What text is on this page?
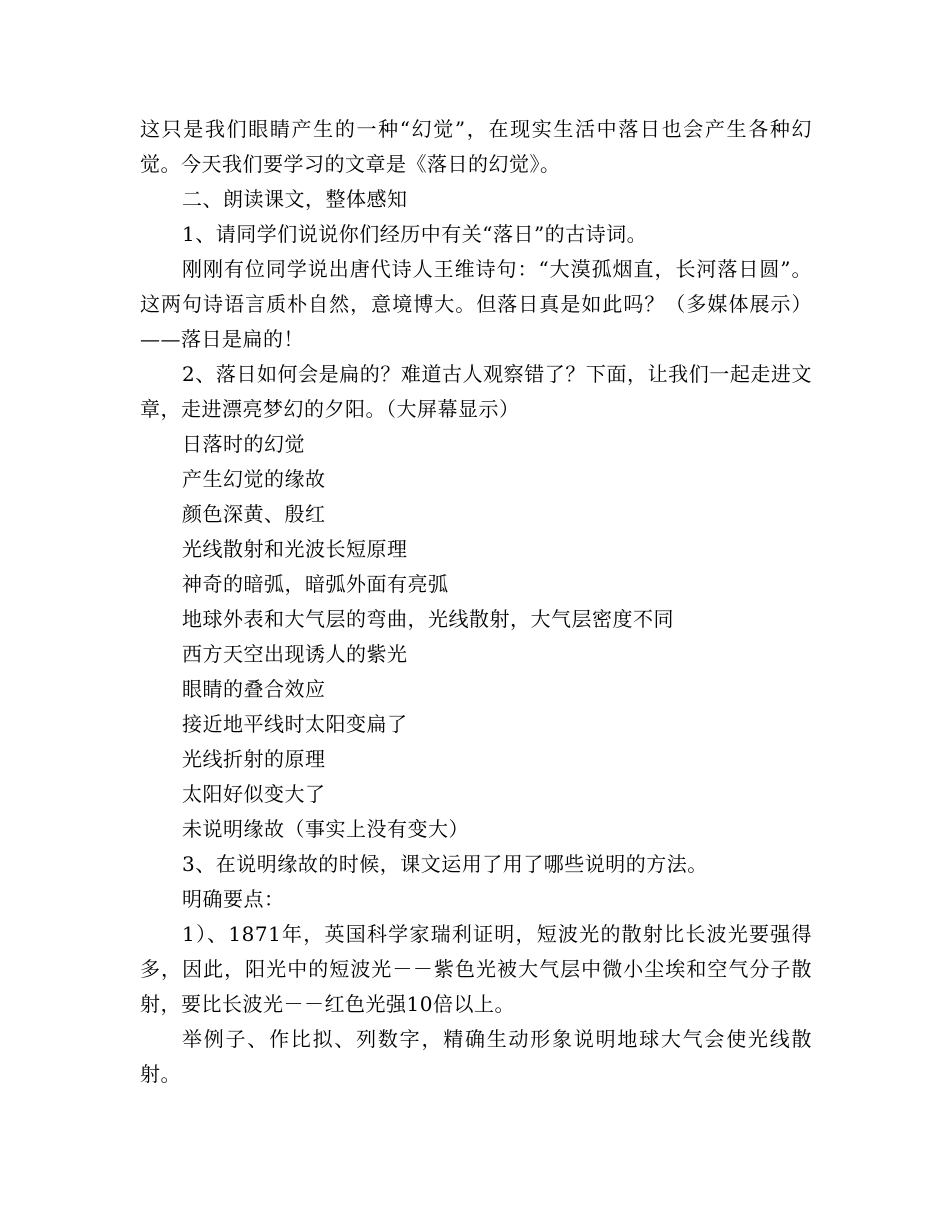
这只是我们眼睛产生的一种“幻觉”，在现实生活中落日也会产生各种幻觉。今天我们要学习的文章是《落日的幻觉》。

二、朗读课文，整体感知

1、请同学们说说你们经历中有关“落日”的古诗词。

刚刚有位同学说出唐代诗人王维诗句：“大漠孤烟直，长河落日圆”。这两句诗语言质朴自然，意境博大。但落日真是如此吗？（多媒体展示） ——落日是扁的！

2、落日如何会是扁的？难道古人观察错了？下面，让我们一起走进文章，走进漂亮梦幻的夕阳。（大屏幕显示）

日落时的幻觉

产生幻觉的缘故

颜色深黄、殷红

光线散射和光波长短原理

神奇的暗弧，暗弧外面有亮弧

地球外表和大气层的弯曲，光线散射，大气层密度不同

西方天空出现诱人的紫光

眼睛的叠合效应

接近地平线时太阳变扁了

光线折射的原理

太阳好似变大了

未说明缘故（事实上没有变大）

3、在说明缘故的时候，课文运用了用了哪些说明的方法。

明确要点：

1）、1871年，英国科学家瑞利证明，短波光的散射比长波光要强得多，因此，阳光中的短波光－－紫色光被大气层中微小尘埃和空气分子散射，要比长波光－－红色光强10倍以上。

举例子、作比拟、列数字，精确生动形象说明地球大气会使光线散射。
